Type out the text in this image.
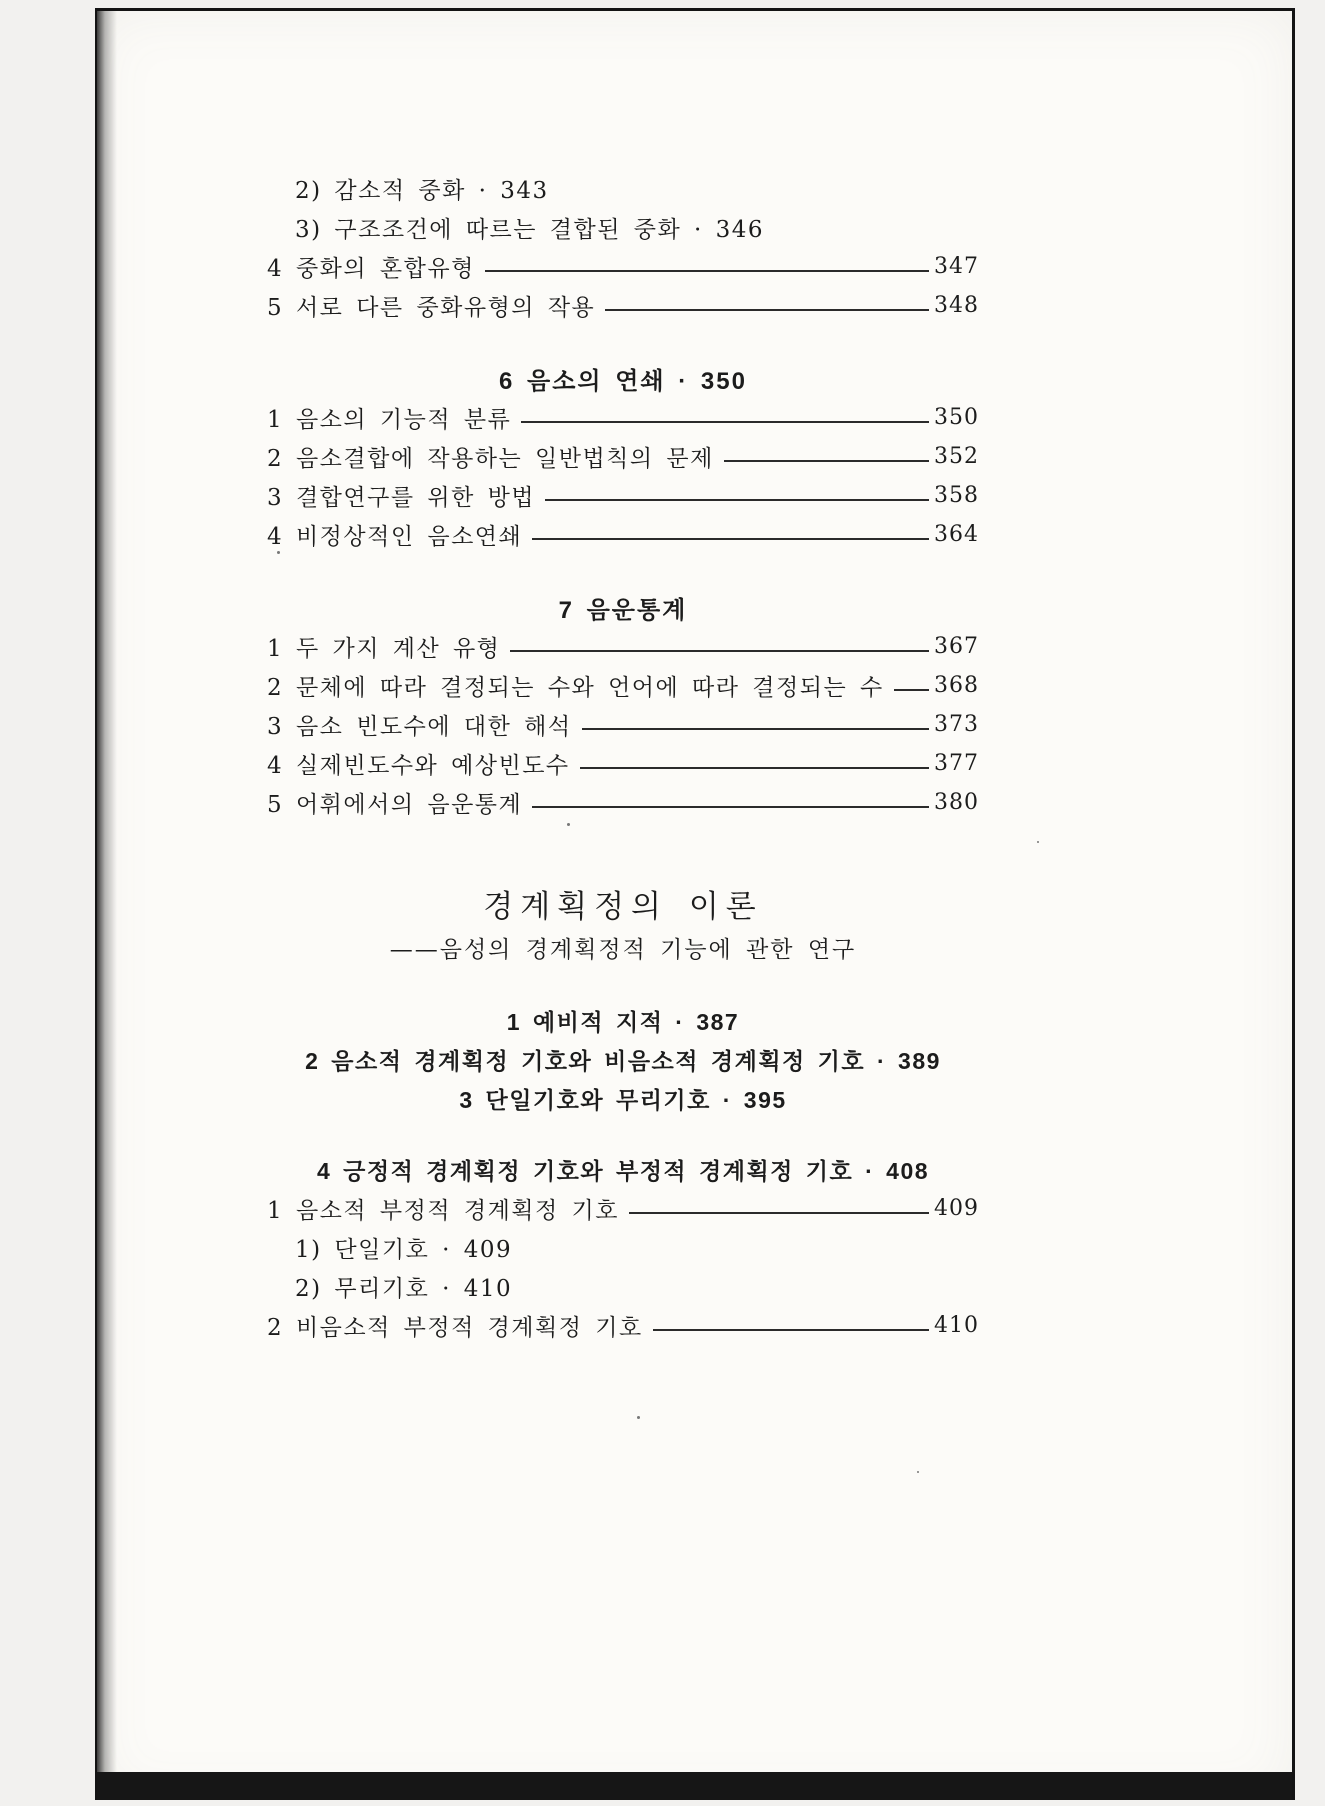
2) 감소적 중화 · 343
3) 구조조건에 따르는 결합된 중화 · 346
4 중화의 혼합유형	347
5 서로 다른 중화유형의 작용	348
6 음소의 연쇄 · 350
1 음소의 기능적 분류	350
2 음소결합에 작용하는 일반법칙의 문제	352
3 결합연구를 위한 방법	358
4 비정상적인 음소연쇄	364
7 음운통계
1 두 가지 계산 유형	367
2 문체에 따라 결정되는 수와 언어에 따라 결정되는 수 368
3 음소 빈도수에 대한 해석	373
4 실제빈도수와 예상빈도수	377
5 어휘에서의 음운통계	380
경계획정의 이론
——음성의 경계획정적 기능에 관한 연구
1 예비적 지적 · 387
2 음소적 경계획정 기호와 비음소적 경계획정 기호 · 389
3 단일기호와 무리기호 · 395
4 긍정적 경계획정 기호와 부정적 경계획정 기호 · 408
1 음소적 부정적 경계획정 기호	409
1) 단일기호 · 409
2) 무리기호 · 410
2 비음소적 부정적 경계획정 기호	410
